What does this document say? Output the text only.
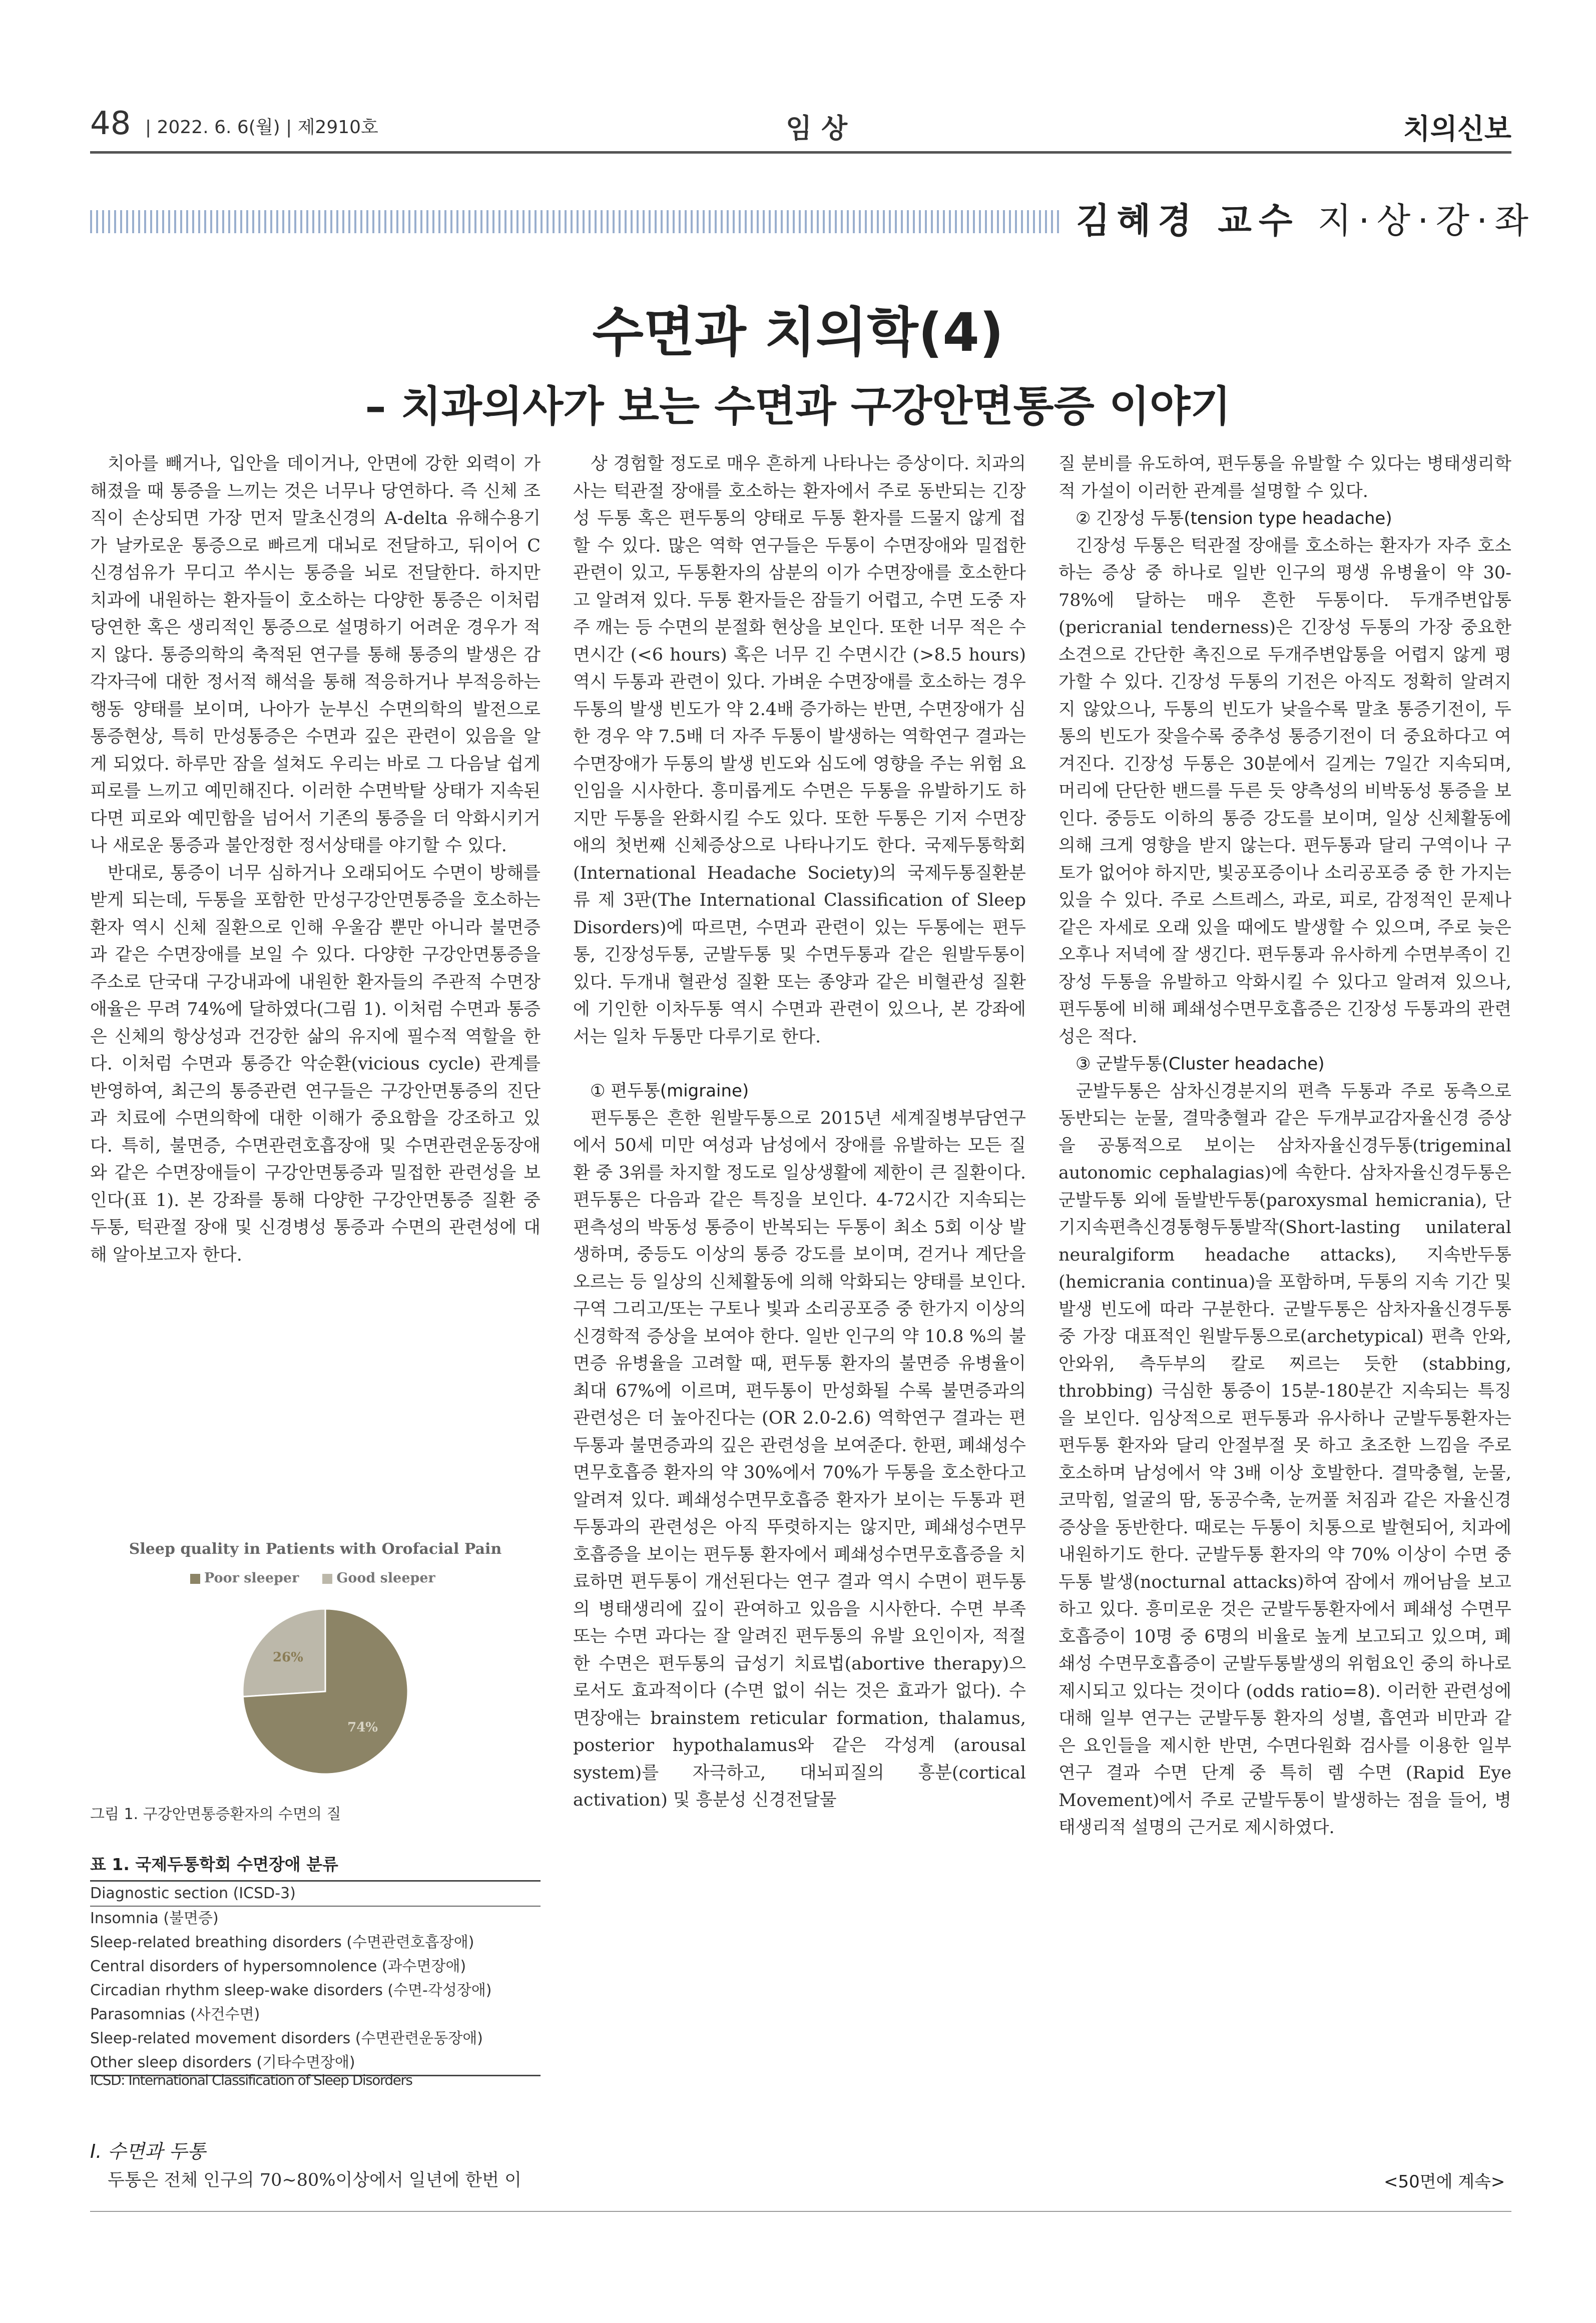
48 | 2022. 6. 6(월) | 제2910호	임 상	치의신보
김혜경 교수 지·상·강·좌
수면과 치의학(4)
– 치과의사가 보는 수면과 구강안면통증 이야기

치아를 빼거나, 입안을 데이거나, 안면에 강한 외력이 가해졌을 때 통증을 느끼는 것은 너무나 당연하다. 즉 신체 조직이 손상되면 가장 먼저 말초신경의 A-delta 유해수용기가 날카로운 통증으로 빠르게 대뇌로 전달하고, 뒤이어 C 신경섬유가 무디고 쑤시는 통증을 뇌로 전달한다. 하지만 치과에 내원하는 환자들이 호소하는 다양한 통증은 이처럼 당연한 혹은 생리적인 통증으로 설명하기 어려운 경우가 적지 않다. 통증의학의 축적된 연구를 통해 통증의 발생은 감각자극에 대한 정서적 해석을 통해 적응하거나 부적응하는 행동 양태를 보이며, 나아가 눈부신 수면의학의 발전으로 통증현상, 특히 만성통증은 수면과 깊은 관련이 있음을 알게 되었다. 하루만 잠을 설쳐도 우리는 바로 그 다음날 쉽게 피로를 느끼고 예민해진다. 이러한 수면박탈 상태가 지속된다면 피로와 예민함을 넘어서 기존의 통증을 더 악화시키거나 새로운 통증과 불안정한 정서상태를 야기할 수 있다.

반대로, 통증이 너무 심하거나 오래되어도 수면이 방해를 받게 되는데, 두통을 포함한 만성구강안면통증을 호소하는 환자 역시 신체 질환으로 인해 우울감 뿐만 아니라 불면증과 같은 수면장애를 보일 수 있다. 다양한 구강안면통증을 주소로 단국대 구강내과에 내원한 환자들의 주관적 수면장애율은 무려 74%에 달하였다(그림 1). 이처럼 수면과 통증은 신체의 항상성과 건강한 삶의 유지에 필수적 역할을 한다. 이처럼 수면과 통증간 악순환(vicious cycle) 관계를 반영하여, 최근의 통증관련 연구들은 구강안면통증의 진단과 치료에 수면의학에 대한 이해가 중요함을 강조하고 있다. 특히, 불면증, 수면관련호흡장애 및 수면관련운동장애와 같은 수면장애들이 구강안면통증과 밀접한 관련성을 보인다(표 1). 본 강좌를 통해 다양한 구강안면통증 질환 중 두통, 턱관절 장애 및 신경병성 통증과 수면의 관련성에 대해 알아보고자 한다.

Sleep quality in Patients with Orofacial Pain
Poor sleeper	Good sleeper
26%
74%
그림 1. 구강안면통증환자의 수면의 질
표 1. 국제두통학회 수면장애 분류
Diagnostic section (ICSD-3)
Insomnia (불면증)
Sleep-related breathing disorders (수면관련호흡장애)
Central disorders of hypersomnolence (과수면장애)
Circadian rhythm sleep-wake disorders (수면-각성장애)
Parasomnias (사건수면)
Sleep-related movement disorders (수면관련운동장애)
Other sleep disorders (기타수면장애)
ICSD: International Classification of Sleep Disorders
I. 수면과 두통
두통은 전체 인구의 70~80%이상에서 일년에 한번 이

상 경험할 정도로 매우 흔하게 나타나는 증상이다. 치과의사는 턱관절 장애를 호소하는 환자에서 주로 동반되는 긴장성 두통 혹은 편두통의 양태로 두통 환자를 드물지 않게 접할 수 있다. 많은 역학 연구들은 두통이 수면장애와 밀접한 관련이 있고, 두통환자의 삼분의 이가 수면장애를 호소한다고 알려져 있다. 두통 환자들은 잠들기 어렵고, 수면 도중 자주 깨는 등 수면의 분절화 현상을 보인다. 또한 너무 적은 수면시간 (<6 hours) 혹은 너무 긴 수면시간 (>8.5 hours) 역시 두통과 관련이 있다. 가벼운 수면장애를 호소하는 경우 두통의 발생 빈도가 약 2.4배 증가하는 반면, 수면장애가 심한 경우 약 7.5배 더 자주 두통이 발생하는 역학연구 결과는 수면장애가 두통의 발생 빈도와 심도에 영향을 주는 위험 요인임을 시사한다. 흥미롭게도 수면은 두통을 유발하기도 하지만 두통을 완화시킬 수도 있다. 또한 두통은 기저 수면장애의 첫번째 신체증상으로 나타나기도 한다. 국제두통학회(International Headache Society)의 국제두통질환분류 제 3판(The International Classification of Sleep Disorders)에 따르면, 수면과 관련이 있는 두통에는 편두통, 긴장성두통, 군발두통 및 수면두통과 같은 원발두통이 있다. 두개내 혈관성 질환 또는 종양과 같은 비혈관성 질환에 기인한 이차두통 역시 수면과 관련이 있으나, 본 강좌에서는 일차 두통만 다루기로 한다.

① 편두통(migraine)

편두통은 흔한 원발두통으로 2015년 세계질병부담연구에서 50세 미만 여성과 남성에서 장애를 유발하는 모든 질환 중 3위를 차지할 정도로 일상생활에 제한이 큰 질환이다. 편두통은 다음과 같은 특징을 보인다. 4-72시간 지속되는 편측성의 박동성 통증이 반복되는 두통이 최소 5회 이상 발생하며, 중등도 이상의 통증 강도를 보이며, 걷거나 계단을 오르는 등 일상의 신체활동에 의해 악화되는 양태를 보인다. 구역 그리고/또는 구토나 빛과 소리공포증 중 한가지 이상의 신경학적 증상을 보여야 한다. 일반 인구의 약 10.8 %의 불면증 유병율을 고려할 때, 편두통 환자의 불면증 유병율이 최대 67%에 이르며, 편두통이 만성화될 수록 불면증과의 관련성은 더 높아진다는 (OR 2.0-2.6) 역학연구 결과는 편두통과 불면증과의 깊은 관련성을 보여준다. 한편, 폐쇄성수면무호흡증 환자의 약 30%에서 70%가 두통을 호소한다고 알려져 있다. 폐쇄성수면무호흡증 환자가 보이는 두통과 편두통과의 관련성은 아직 뚜렷하지는 않지만, 폐쇄성수면무호흡증을 보이는 편두통 환자에서 폐쇄성수면무호흡증을 치료하면 편두통이 개선된다는 연구 결과 역시 수면이 편두통의 병태생리에 깊이 관여하고 있음을 시사한다. 수면 부족 또는 수면 과다는 잘 알려진 편두통의 유발 요인이자, 적절한 수면은 편두통의 급성기 치료법(abortive therapy)으로서도 효과적이다 (수면 없이 쉬는 것은 효과가 없다). 수면장애는 brainstem reticular formation, thalamus, posterior hypothalamus와 같은 각성계 (arousal system)를 자극하고, 대뇌피질의 흥분(cortical activation) 및 흥분성 신경전달물

질 분비를 유도하여, 편두통을 유발할 수 있다는 병태생리학적 가설이 이러한 관계를 설명할 수 있다.

② 긴장성 두통(tension type headache)

긴장성 두통은 턱관절 장애를 호소하는 환자가 자주 호소하는 증상 중 하나로 일반 인구의 평생 유병율이 약 30-78%에 달하는 매우 흔한 두통이다. 두개주변압통(pericranial tenderness)은 긴장성 두통의 가장 중요한 소견으로 간단한 촉진으로 두개주변압통을 어렵지 않게 평가할 수 있다. 긴장성 두통의 기전은 아직도 정확히 알려지지 않았으나, 두통의 빈도가 낮을수록 말초 통증기전이, 두통의 빈도가 잦을수록 중추성 통증기전이 더 중요하다고 여겨진다. 긴장성 두통은 30분에서 길게는 7일간 지속되며, 머리에 단단한 밴드를 두른 듯 양측성의 비박동성 통증을 보인다. 중등도 이하의 통증 강도를 보이며, 일상 신체활동에 의해 크게 영향을 받지 않는다. 편두통과 달리 구역이나 구토가 없어야 하지만, 빛공포증이나 소리공포증 중 한 가지는 있을 수 있다. 주로 스트레스, 과로, 피로, 감정적인 문제나 같은 자세로 오래 있을 때에도 발생할 수 있으며, 주로 늦은 오후나 저녁에 잘 생긴다. 편두통과 유사하게 수면부족이 긴장성 두통을 유발하고 악화시킬 수 있다고 알려져 있으나, 편두통에 비해 폐쇄성수면무호흡증은 긴장성 두통과의 관련성은 적다.

③ 군발두통(Cluster headache)

군발두통은 삼차신경분지의 편측 두통과 주로 동측으로 동반되는 눈물, 결막충혈과 같은 두개부교감자율신경 증상을 공통적으로 보이는 삼차자율신경두통(trigeminal autonomic cephalagias)에 속한다. 삼차자율신경두통은 군발두통 외에 돌발반두통(paroxysmal hemicrania), 단기지속편측신경통형두통발작(Short-lasting unilateral neuralgiform headache attacks), 지속반두통(hemicrania continua)을 포함하며, 두통의 지속 기간 및 발생 빈도에 따라 구분한다. 군발두통은 삼차자율신경두통 중 가장 대표적인 원발두통으로(archetypical) 편측 안와, 안와위, 측두부의 칼로 찌르는 듯한 (stabbing, throbbing) 극심한 통증이 15분-180분간 지속되는 특징을 보인다. 임상적으로 편두통과 유사하나 군발두통환자는 편두통 환자와 달리 안절부절 못 하고 초조한 느낌을 주로 호소하며 남성에서 약 3배 이상 호발한다. 결막충혈, 눈물, 코막힘, 얼굴의 땀, 동공수축, 눈꺼풀 처짐과 같은 자율신경증상을 동반한다. 때로는 두통이 치통으로 발현되어, 치과에 내원하기도 한다. 군발두통 환자의 약 70% 이상이 수면 중 두통 발생(nocturnal attacks)하여 잠에서 깨어남을 보고하고 있다. 흥미로운 것은 군발두통환자에서 폐쇄성 수면무호흡증이 10명 중 6명의 비율로 높게 보고되고 있으며, 폐쇄성 수면무호흡증이 군발두통발생의 위험요인 중의 하나로 제시되고 있다는 것이다 (odds ratio=8). 이러한 관련성에 대해 일부 연구는 군발두통 환자의 성별, 흡연과 비만과 같은 요인들을 제시한 반면, 수면다원화 검사를 이용한 일부 연구 결과 수면 단계 중 특히 렘 수면 (Rapid Eye Movement)에서 주로 군발두통이 발생하는 점을 들어, 병태생리적 설명의 근거로 제시하였다.

<50면에 계속>
